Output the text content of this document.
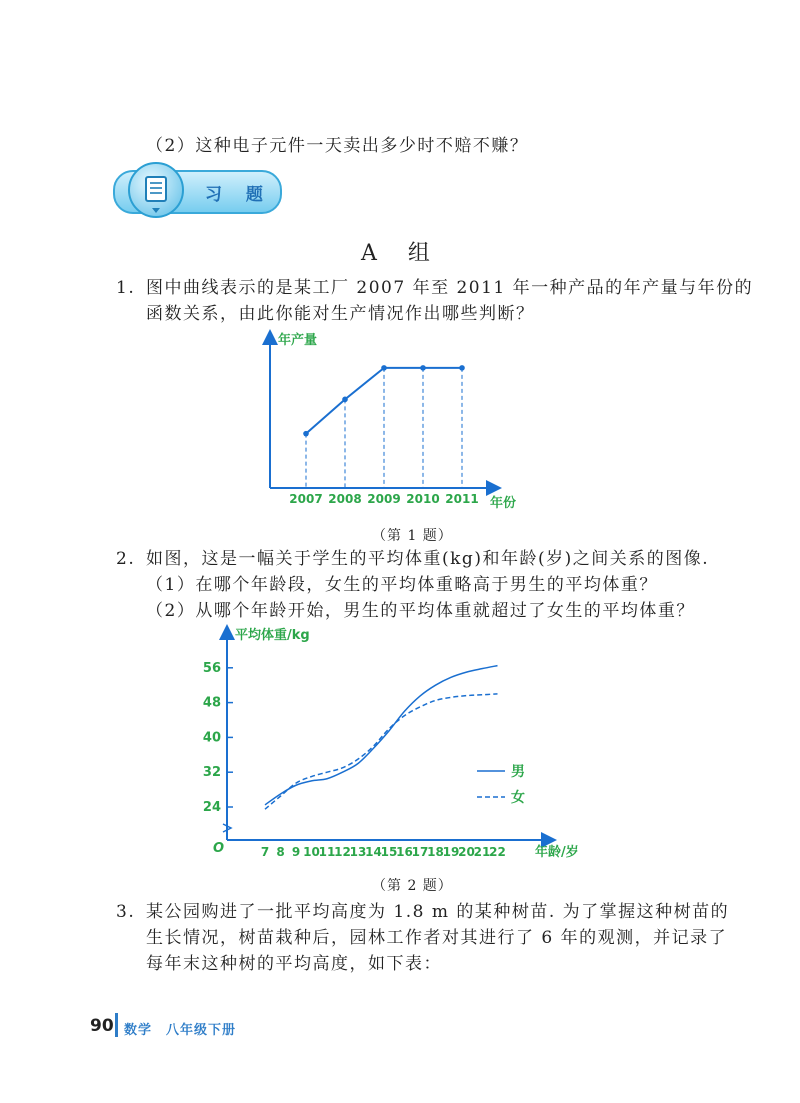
（2）这种电子元件一天卖出多少时不赔不赚？
习 题
A 组
1. 图中曲线表示的是某工厂 2007 年至 2011 年一种产品的年产量与年份的
函数关系，由此你能对生产情况作出哪些判断？
年产量
年份
2007 2008 2009 2010 2011
（第 1 题）
2. 如图，这是一幅关于学生的平均体重(kg)和年龄(岁)之间关系的图像.
（1）在哪个年龄段，女生的平均体重略高于男生的平均体重？
（2）从哪个年龄开始，男生的平均体重就超过了女生的平均体重？
平均体重/kg
年龄/岁
O
24
32
40
48
56
7 8 9 10
11
12
13
14
15
16
17
18
19
20
21
22
男
女
（第 2 题）
3. 某公园购进了一批平均高度为 1.8 m 的某种树苗. 为了掌握这种树苗的
生长情况，树苗栽种后，园林工作者对其进行了 6 年的观测，并记录了
每年末这种树的平均高度，如下表：
90 数学　八年级下册
